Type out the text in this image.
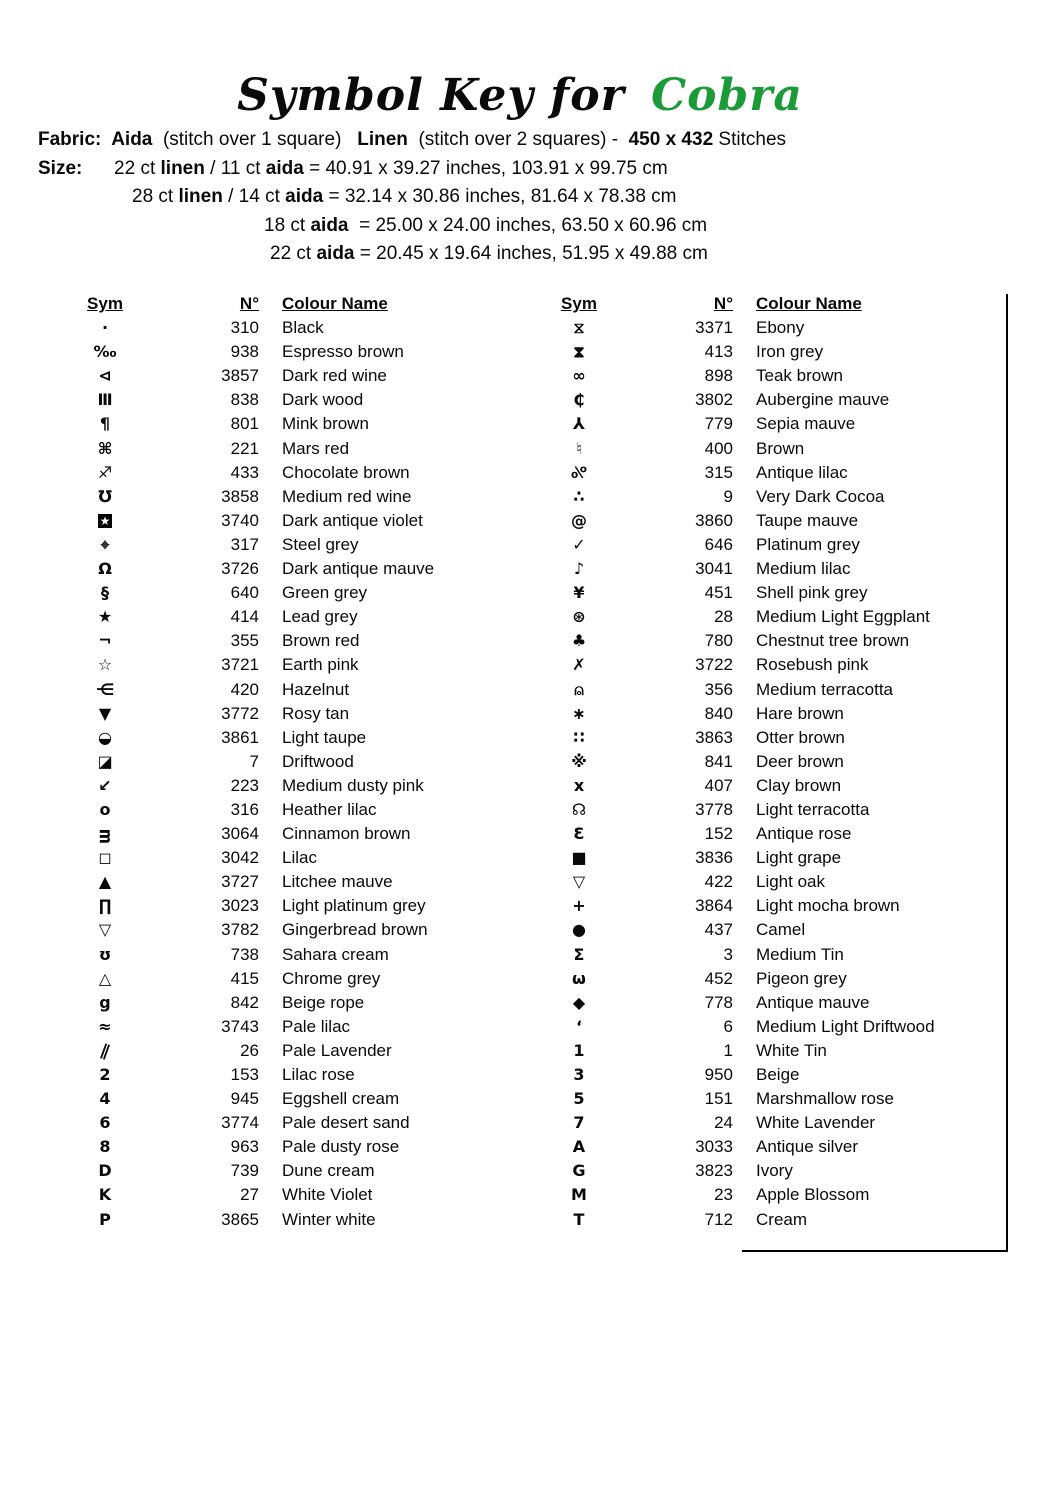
Symbol Key for Cobra
Fabric:  Aida  (stitch over 1 square)   Linen  (stitch over 2 squares) -  450 x 432 Stitches
Size:      22 ct linen / 11 ct aida = 40.91 x 39.27 inches, 103.91 x 99.75 cm
28 ct linen / 14 ct aida = 32.14 x 30.86 inches, 81.64 x 78.38 cm
18 ct aida  = 25.00 x 24.00 inches, 63.50 x 60.96 cm
22 ct aida = 20.45 x 19.64 inches, 51.95 x 49.88 cm
Sym	N°	Colour Name
·	310	Black
‰	938	Espresso brown
⊲	3857	Dark red wine
Ⅲ	838	Dark wood
¶	801	Mink brown
⌘	221	Mars red
♐	433	Chocolate brown
℧	3858	Medium red wine
★	3740	Dark antique violet
⌖	317	Steel grey
Ω	3726	Dark antique mauve
§	640	Green grey
★	414	Lead grey
¬	355	Brown red
☆	3721	Earth pink
⋲	420	Hazelnut
▼	3772	Rosy tan
◒	3861	Light taupe
◪	7	Driftwood
↙	223	Medium dusty pink
o	316	Heather lilac
ᴟ	3064	Cinnamon brown
◻	3042	Lilac
▲	3727	Litchee mauve
∏	3023	Light platinum grey
▽	3782	Gingerbread brown
ʊ	738	Sahara cream
△	415	Chrome grey
g	842	Beige rope
≈	3743	Pale lilac
∥	26	Pale Lavender
2	153	Lilac rose
4	945	Eggshell cream
6	3774	Pale desert sand
8	963	Pale dusty rose
D	739	Dune cream
K	27	White Violet
P	3865	Winter white
Sym	N°	Colour Name
⧖	3371	Ebony
⧗	413	Iron grey
∞	898	Teak brown
₵	3802	Aubergine mauve
⅄	779	Sepia mauve
♮	400	Brown
%	315	Antique lilac
∴	9	Very Dark Cocoa
@	3860	Taupe mauve
✓	646	Platinum grey
♪	3041	Medium lilac
¥	451	Shell pink grey
⊛	28	Medium Light Eggplant
♣	780	Chestnut tree brown
✗	3722	Rosebush pink
⍝	356	Medium terracotta
∗	840	Hare brown
∷	3863	Otter brown
※	841	Deer brown
x	407	Clay brown
☊	3778	Light terracotta
Ɛ	152	Antique rose
■	3836	Light grape
▽	422	Light oak
+	3864	Light mocha brown
●	437	Camel
Σ	3	Medium Tin
ω	452	Pigeon grey
◆	778	Antique mauve
‘	6	Medium Light Driftwood
1	1	White Tin
3	950	Beige
5	151	Marshmallow rose
7	24	White Lavender
A	3033	Antique silver
G	3823	Ivory
M	23	Apple Blossom
T	712	Cream
